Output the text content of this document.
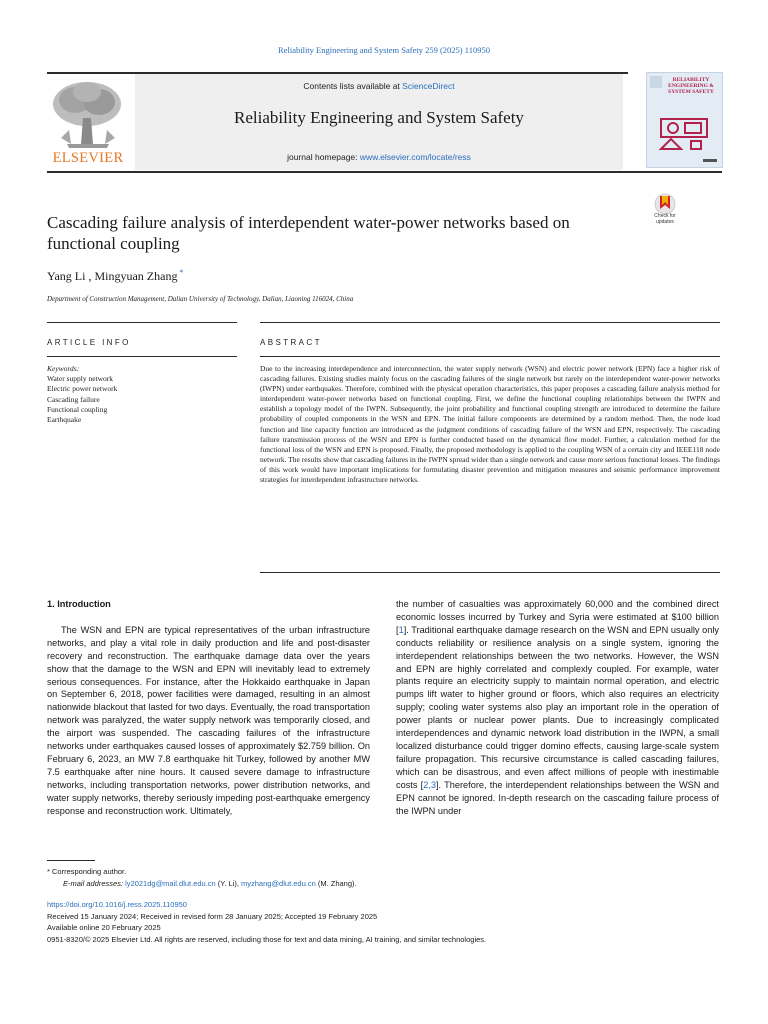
Reliability Engineering and System Safety 259 (2025) 110950
ELSEVIER
Contents lists available at ScienceDirect
Reliability Engineering and System Safety
journal homepage: www.elsevier.com/locate/ress
RELIABILITY ENGINEERING & SYSTEM SAFETY
Cascading failure analysis of interdependent water-power networks based on functional coupling
Check for updates
Yang Li , Mingyuan Zhang *
Department of Construction Management, Dalian University of Technology, Dalian, Liaoning 116024, China
ARTICLE INFO	ABSTRACT
Keywords:
Water supply network
Electric power network
Cascading failure
Functional coupling
Earthquake
Due to the increasing interdependence and interconnection, the water supply network (WSN) and electric power network (EPN) face a higher risk of cascading failures. Existing studies mainly focus on the cascading failures of the single network but rarely on the interdependent water-power networks (IWPN) under earthquakes. Therefore, combined with the physical operation characteristics, this paper proposes a cascading failure analysis method for interdependent water-power networks based on functional coupling. First, we define the functional coupling relationships between the IWPN and establish a topology model of the IWPN. Subsequently, the joint probability and functional coupling strength are introduced to determine the failure probability of coupled components in the WSN and EPN. The initial failure components are determined by a random method. Then, the node load function and line capacity function are introduced as the judgment conditions of cascading failure of the WSN and EPN, respectively. The cascading failure transmission process of the WSN and EPN is further conducted based on the dynamical flow model. Further, a calculation method for the functional loss of the WSN and EPN is proposed. Finally, the proposed methodology is applied to the coupling WSN of a certain city and IEEE118 node network. The results show that cascading failures in the IWPN spread wider than a single network and cause more serious functional losses. The findings of this work would have important implications for formulating disaster prevention and mitigation measures and seismic performance improvement strategies for interdependent infrastructure networks.
1. Introduction

The WSN and EPN are typical representatives of the urban infrastructure networks, and play a vital role in daily production and life and post-disaster recovery and reconstruction. The earthquake damage data over the years show that the damage to the WSN and EPN will inevitably lead to extremely serious consequences. For instance, after the Hokkaido earthquake in Japan on September 6, 2018, power facilities were damaged, resulting in an almost nationwide blackout that lasted for two days. Eventually, the road transportation network was paralyzed, the water supply network was temporarily closed, and the airport was suspended. The cascading failures of the infrastructure networks under earthquakes caused losses of approximately $2.759 billion. On February 6, 2023, an MW 7.8 earthquake hit Turkey, followed by another MW 7.5 earthquake after nine hours. It caused severe damage to infrastructure networks, including transportation networks, power distribution networks, and water supply networks, thereby seriously impeding post-earthquake emergency response and reconstruction work. Ultimately,

the number of casualties was approximately 60,000 and the combined direct economic losses incurred by Turkey and Syria were estimated at $100 billion [1]. Traditional earthquake damage research on the WSN and EPN usually only conducts reliability or resilience analysis on a single system, ignoring the interdependent relationships between the two networks. However, the WSN and EPN are highly correlated and complexly coupled. For example, water plants require an electricity supply to maintain normal operation, and electric pumps lift water to higher ground or floors, which also requires an electricity supply; cooling water systems also play an important role in the operation of power plants or nuclear power plants. Due to increasingly complicated interdependences and dynamic network load distribution in the IWPN, a small localized disturbance could trigger domino effects, causing large-scale system failure propagation. This recursive circumstance is called cascading failures, which can be disastrous, and even affect millions of people with inestimable costs [2,3]. Therefore, the interdependent relationships between the WSN and EPN cannot be ignored. In-depth research on the cascading failure process of the IWPN under

* Corresponding author.
E-mail addresses: ly2021dg@mail.dlut.edu.cn (Y. Li), myzhang@dlut.edu.cn (M. Zhang).
https://doi.org/10.1016/j.ress.2025.110950
Received 15 January 2024; Received in revised form 28 January 2025; Accepted 19 February 2025
Available online 20 February 2025
0951-8320/© 2025 Elsevier Ltd. All rights are reserved, including those for text and data mining, AI training, and similar technologies.
